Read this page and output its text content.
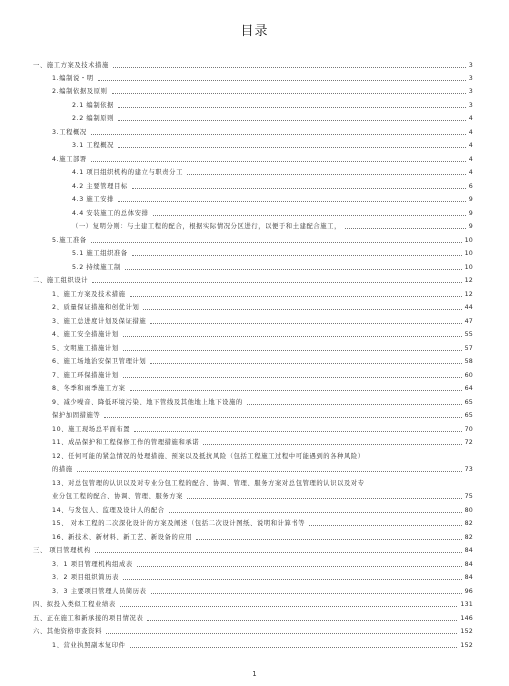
目录
一、施工方案及技术措施	3
1.编制说・明	3
2.编制依据及原则	3
2.1 编制依据	3
2.2 编制原则	4
3.工程概况	4
3.1 工程概况	4
4.施工部署	4
4.1 项目组织机构的建立与职责分工	4
4.2 主要管理目标	6
4.3 施工安排	9
4.4 安装施工的总体安排	9
（一）复明分则：与土建工程的配合，根据实际情况分区进行，以便于和土建配合施工，	9
5.施工准备	10
5.1 施工组织准备	10
5.2 持续施工制	10
二、施工组织设计	12
1、施工方案及技术措施	12
2、质量保证措施和创优计划	44
3、施工总进度计划及保证措施	47
4、施工安全措施计划	55
5、文明施工措施计划	57
6、施工场地治安保卫管理计划	58
7、施工环保措施计划	60
8、冬季和雨季施工方案	64
9、减少噪音、降低环境污染、地下管线及其他地上地下设施的	65
保护加固措施等	65
10、施工现场总平面布置	70
11、成品保护和工程保修工作的管理措施和承诺	72
12、任何可能的紧急情况的处理措施、预案以及抵抗风险（包括工程施工过程中可能遇到的各种风险）
的措施	73
13、对总包管理的认识以及对专业分包工程的配合、协调、管理、服务方案对总包管理的认识以及对专
业分包工程的配合、协调、管理、服务方案	75
14、与发包人、监理及设计人的配合	80
15、 对本工程的二次深化设计的方案及阐述（包括二次设计图纸、说明和计算书等	82
16、新技术、新材料、新工艺、新设备的应用	82
三、 项目管理机构	84
3．1 项目管理机构组成表	84
3．2 项目组织简历表	84
3．3 主要项目管理人员简历表	96
四、拟投入类似工程业绩表	131
五、正在施工和新承接的项目情况表	146
六、其他资格审查资料	152
1、营业执照副本复印件	152
1
